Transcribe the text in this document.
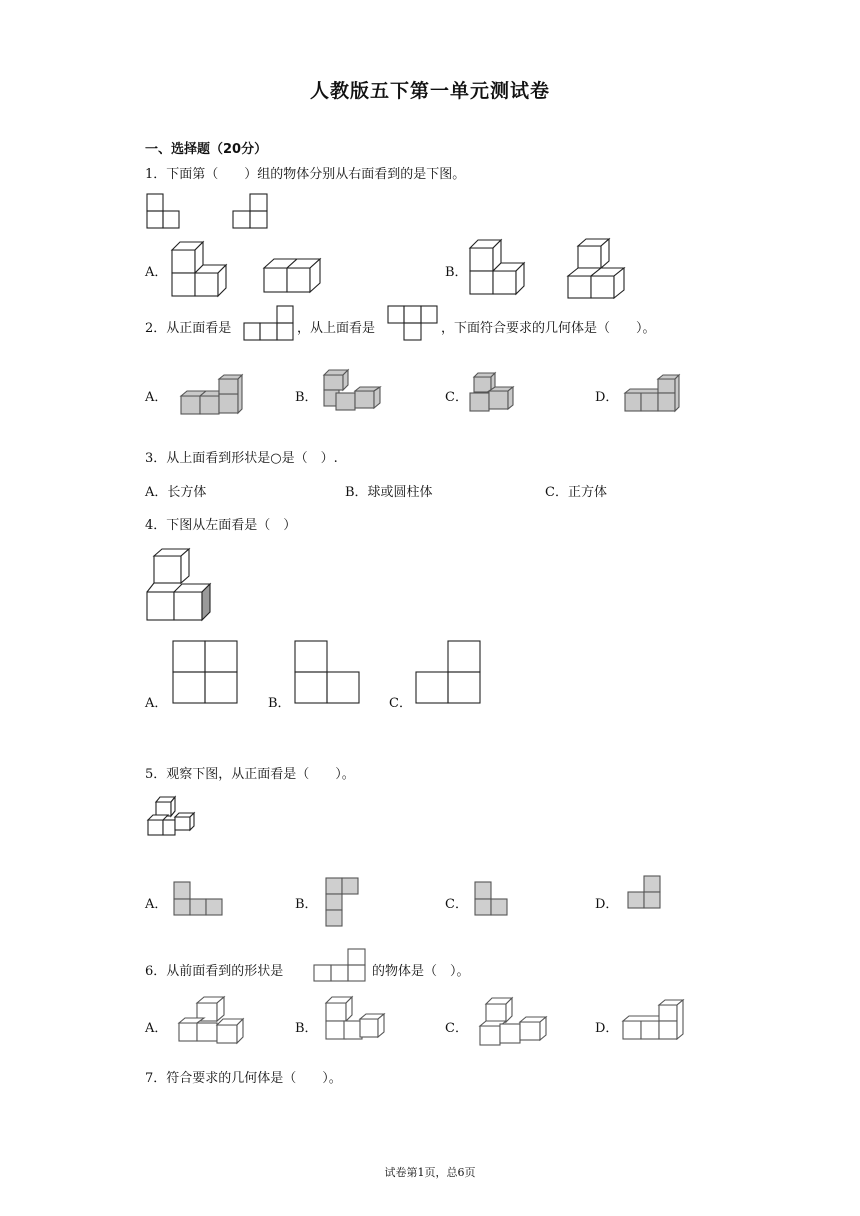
人教版五下第一单元测试卷
一、选择题（20分）
1．下面第（　　）组的物体分别从右面看到的是下图。
A．	B．
2．从正面看是	，从上面看是	，下面符合要求的几何体是（　　）。
A．	B．	C．	D．
3．从上面看到形状是○是（　）.
A．长方体	B．球或圆柱体	C．正方体
4．下图从左面看是（　）
A．	B．	C．
5．观察下图，从正面看是（　　）。
A．	B．	C．	D．
6．从前面看到的形状是	的物体是（　）。
A．	B．	C．	D．
7．符合要求的几何体是（　　）。
试卷第1页，总6页
